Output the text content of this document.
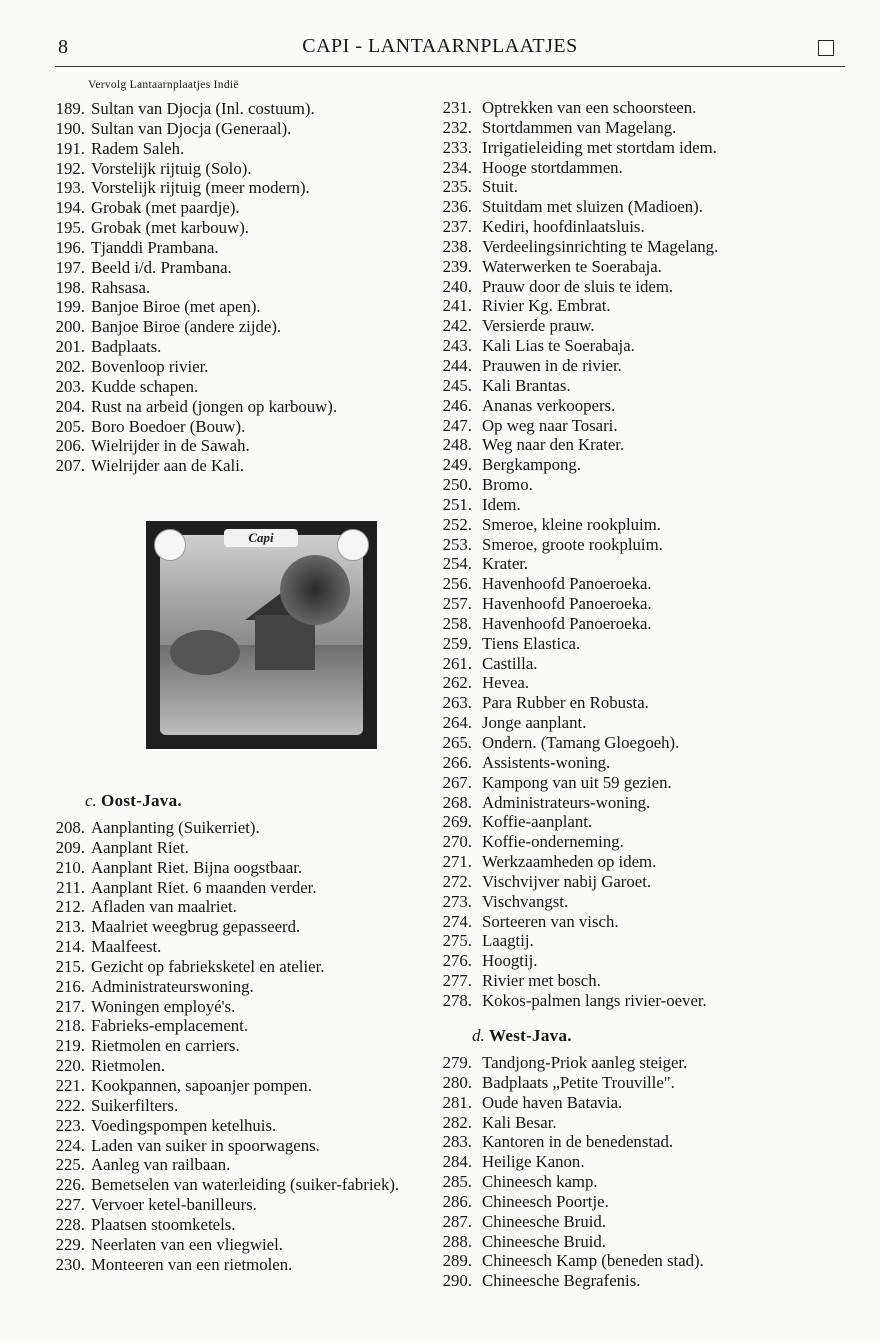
8	CAPI - LANTAARNPLAATJES
Vervolg Lantaarnplaatjes Indië
189. Sultan van Djocja (Inl. costuum).
190. Sultan van Djocja (Generaal).
191. Radem Saleh.
192. Vorstelijk rijtuig (Solo).
193. Vorstelijk rijtuig (meer modern).
194. Grobak (met paardje).
195. Grobak (met karbouw).
196. Tjanddi Prambana.
197. Beeld i/d. Prambana.
198. Rahsasa.
199. Banjoe Biroe (met apen).
200. Banjoe Biroe (andere zijde).
201. Badplaats.
202. Bovenloop rivier.
203. Kudde schapen.
204. Rust na arbeid (jongen op karbouw).
205. Boro Boedoer (Bouw).
206. Wielrijder in de Sawah.
207. Wielrijder aan de Kali.
Capi
c. Oost-Java.
208. Aanplanting (Suikerriet).
209. Aanplant Riet.
210. Aanplant Riet. Bijna oogstbaar.
211. Aanplant Riet. 6 maanden verder.
212. Afladen van maalriet.
213. Maalriet weegbrug gepasseerd.
214. Maalfeest.
215. Gezicht op fabrieksketel en atelier.
216. Administrateurswoning.
217. Woningen employé's.
218. Fabrieks-emplacement.
219. Rietmolen en carriers.
220. Rietmolen.
221. Kookpannen, sapoanjer pompen.
222. Suikerfilters.
223. Voedingspompen ketelhuis.
224. Laden van suiker in spoorwagens.
225. Aanleg van railbaan.
226. Bemetselen van waterleiding (suiker-fabriek).
227. Vervoer ketel-banilleurs.
228. Plaatsen stoomketels.
229. Neerlaten van een vliegwiel.
230. Monteeren van een rietmolen.
231. Optrekken van een schoorsteen.
232. Stortdammen van Magelang.
233. Irrigatieleiding met stortdam idem.
234. Hooge stortdammen.
235. Stuit.
236. Stuitdam met sluizen (Madioen).
237. Kediri, hoofdinlaatsluis.
238. Verdeelingsinrichting te Magelang.
239. Waterwerken te Soerabaja.
240. Prauw door de sluis te idem.
241. Rivier Kg. Embrat.
242. Versierde prauw.
243. Kali Lias te Soerabaja.
244. Prauwen in de rivier.
245. Kali Brantas.
246. Ananas verkoopers.
247. Op weg naar Tosari.
248. Weg naar den Krater.
249. Bergkampong.
250. Bromo.
251. Idem.
252. Smeroe, kleine rookpluim.
253. Smeroe, groote rookpluim.
254. Krater.
256. Havenhoofd Panoeroeka.
257. Havenhoofd Panoeroeka.
258. Havenhoofd Panoeroeka.
259. Tiens Elastica.
261. Castilla.
262. Hevea.
263. Para Rubber en Robusta.
264. Jonge aanplant.
265. Ondern. (Tamang Gloegoeh).
266. Assistents-woning.
267. Kampong van uit 59 gezien.
268. Administrateurs-woning.
269. Koffie-aanplant.
270. Koffie-onderneming.
271. Werkzaamheden op idem.
272. Vischvijver nabij Garoet.
273. Vischvangst.
274. Sorteeren van visch.
275. Laagtij.
276. Hoogtij.
277. Rivier met bosch.
278. Kokos-palmen langs rivier-oever.
d. West-Java.
279. Tandjong-Priok aanleg steiger.
280. Badplaats „Petite Trouville".
281. Oude haven Batavia.
282. Kali Besar.
283. Kantoren in de benedenstad.
284. Heilige Kanon.
285. Chineesch kamp.
286. Chineesch Poortje.
287. Chineesche Bruid.
288. Chineesche Bruid.
289. Chineesch Kamp (beneden stad).
290. Chineesche Begrafenis.
